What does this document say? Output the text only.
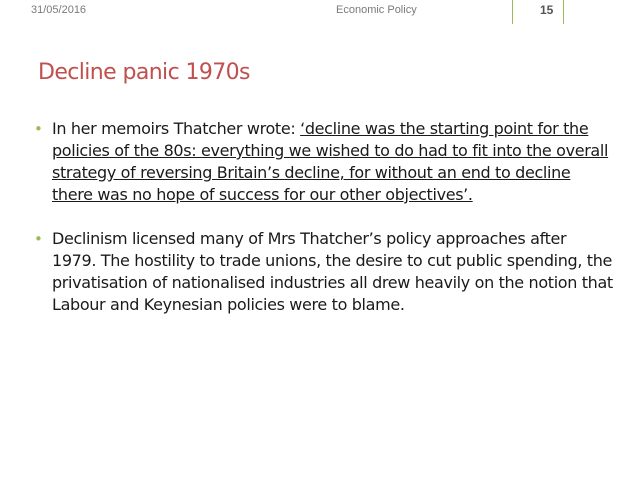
31/05/2016	Economic Policy	15
Decline panic 1970s
• In her memoirs Thatcher wrote: ‘decline was the starting point for the policies of the 80s: everything we wished to do had to fit into the overall strategy of reversing Britain’s decline, for without an end to decline there was no hope of success for our other objectives’.
• Declinism licensed many of Mrs Thatcher’s policy approaches after 1979. The hostility to trade unions, the desire to cut public spending, the privatisation of nationalised industries all drew heavily on the notion that Labour and Keynesian policies were to blame.
